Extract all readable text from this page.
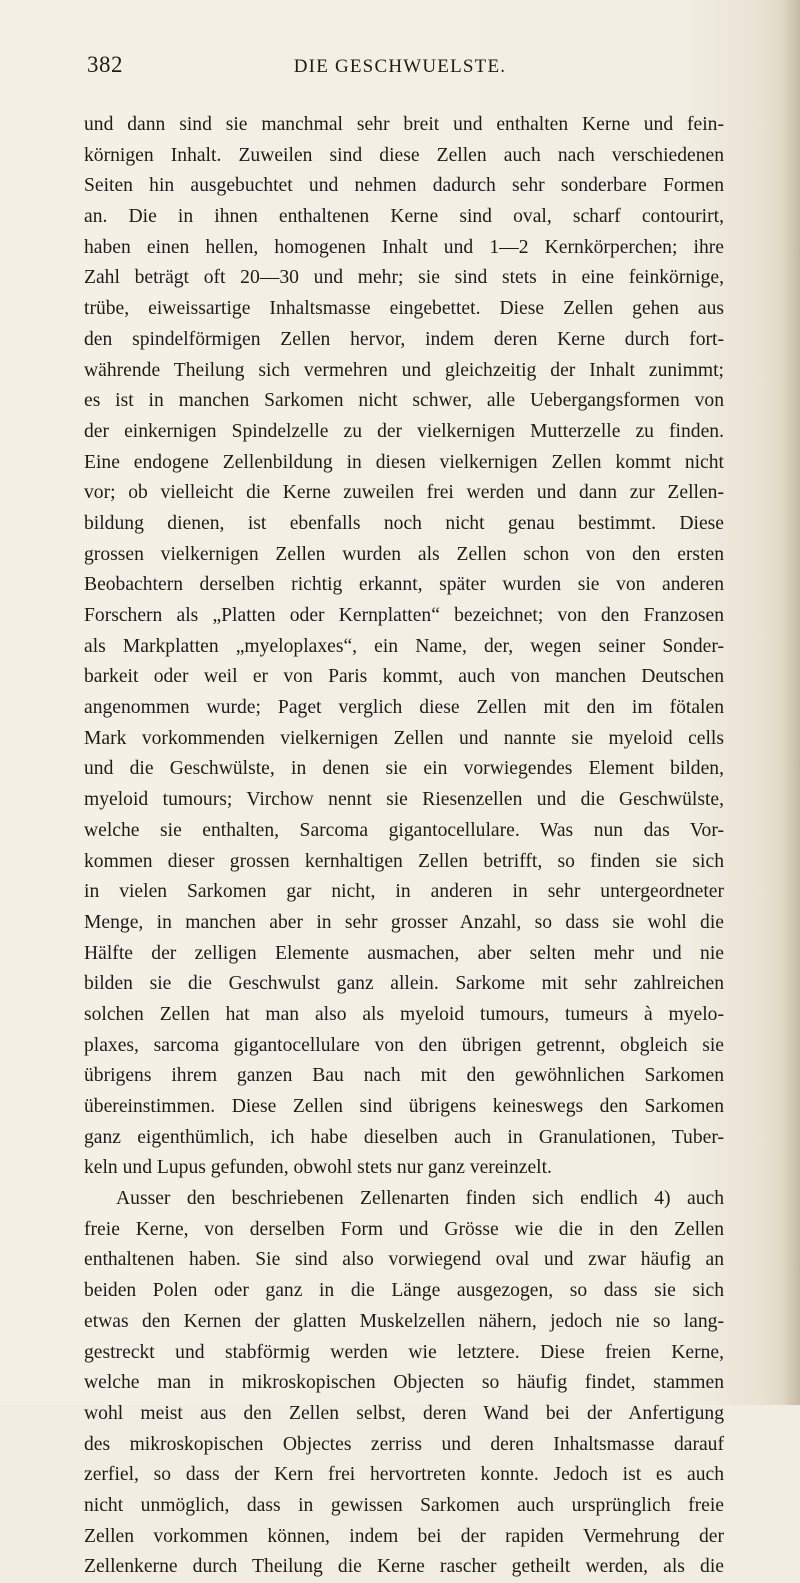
382	DIE GESCHWUELSTE.
und dann sind sie manchmal sehr breit und enthalten Kerne und fein-
körnigen Inhalt. Zuweilen sind diese Zellen auch nach verschiedenen
Seiten hin ausgebuchtet und nehmen dadurch sehr sonderbare Formen
an. Die in ihnen enthaltenen Kerne sind oval, scharf contourirt,
haben einen hellen, homogenen Inhalt und 1—2 Kernkörperchen; ihre
Zahl beträgt oft 20—30 und mehr; sie sind stets in eine feinkörnige,
trübe, eiweissartige Inhaltsmasse eingebettet. Diese Zellen gehen aus
den spindelförmigen Zellen hervor, indem deren Kerne durch fort-
währende Theilung sich vermehren und gleichzeitig der Inhalt zunimmt;
es ist in manchen Sarkomen nicht schwer, alle Uebergangsformen von
der einkernigen Spindelzelle zu der vielkernigen Mutterzelle zu finden.
Eine endogene Zellenbildung in diesen vielkernigen Zellen kommt nicht
vor; ob vielleicht die Kerne zuweilen frei werden und dann zur Zellen-
bildung dienen, ist ebenfalls noch nicht genau bestimmt. Diese
grossen vielkernigen Zellen wurden als Zellen schon von den ersten
Beobachtern derselben richtig erkannt, später wurden sie von anderen
Forschern als „Platten oder Kernplatten“ bezeichnet; von den Franzosen
als Markplatten „myeloplaxes“, ein Name, der, wegen seiner Sonder-
barkeit oder weil er von Paris kommt, auch von manchen Deutschen
angenommen wurde; Paget verglich diese Zellen mit den im fötalen
Mark vorkommenden vielkernigen Zellen und nannte sie myeloid cells
und die Geschwülste, in denen sie ein vorwiegendes Element bilden,
myeloid tumours; Virchow nennt sie Riesenzellen und die Geschwülste,
welche sie enthalten, Sarcoma gigantocellulare. Was nun das Vor-
kommen dieser grossen kernhaltigen Zellen betrifft, so finden sie sich
in vielen Sarkomen gar nicht, in anderen in sehr untergeordneter
Menge, in manchen aber in sehr grosser Anzahl, so dass sie wohl die
Hälfte der zelligen Elemente ausmachen, aber selten mehr und nie
bilden sie die Geschwulst ganz allein. Sarkome mit sehr zahlreichen
solchen Zellen hat man also als myeloid tumours, tumeurs à myelo-
plaxes, sarcoma gigantocellulare von den übrigen getrennt, obgleich sie
übrigens ihrem ganzen Bau nach mit den gewöhnlichen Sarkomen
übereinstimmen. Diese Zellen sind übrigens keineswegs den Sarkomen
ganz eigenthümlich, ich habe dieselben auch in Granulationen, Tuber-
keln und Lupus gefunden, obwohl stets nur ganz vereinzelt.
Ausser den beschriebenen Zellenarten finden sich endlich 4) auch
freie Kerne, von derselben Form und Grösse wie die in den Zellen
enthaltenen haben. Sie sind also vorwiegend oval und zwar häufig an
beiden Polen oder ganz in die Länge ausgezogen, so dass sie sich
etwas den Kernen der glatten Muskelzellen nähern, jedoch nie so lang-
gestreckt und stabförmig werden wie letztere. Diese freien Kerne,
welche man in mikroskopischen Objecten so häufig findet, stammen
wohl meist aus den Zellen selbst, deren Wand bei der Anfertigung
des mikroskopischen Objectes zerriss und deren Inhaltsmasse darauf
zerfiel, so dass der Kern frei hervortreten konnte. Jedoch ist es auch
nicht unmöglich, dass in gewissen Sarkomen auch ursprünglich freie
Zellen vorkommen können, indem bei der rapiden Vermehrung der
Zellenkerne durch Theilung die Kerne rascher getheilt werden, als die
